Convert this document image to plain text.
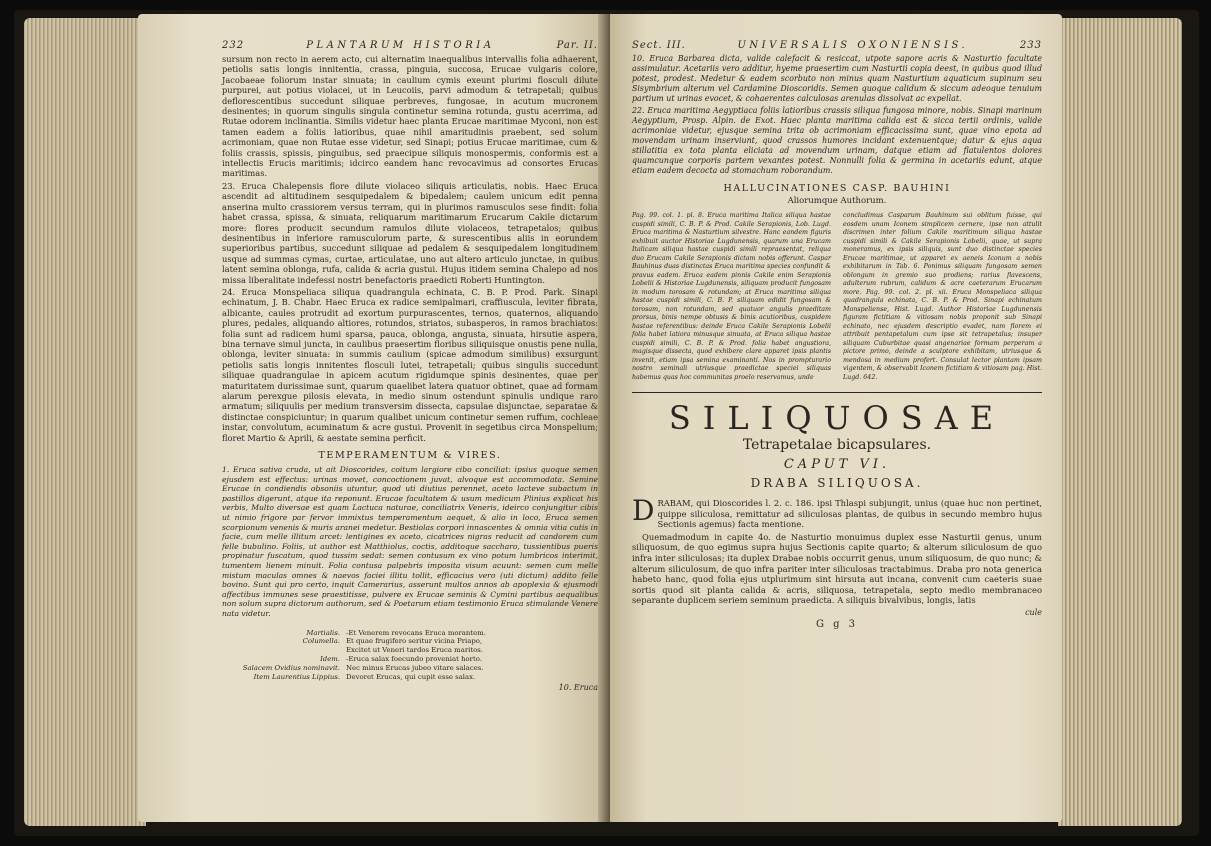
232	PLANTARUM HISTORIA	Par. II.

sursum non recto in aerem acto, cui alternatim inaequalibus intervallis folia adhaerent, petiolis satis longis innitentia, crassa, pinguia, succosa, Erucae vulgaris colore, Jacobaeae foliorum instar sinuata; in caulium cymis exeunt plurimi flosculi dilute purpurei, aut potius violacei, ut in Leucoiis, parvi admodum & tetrapetali; quibus deflorescentibus succedunt siliquae perbreves, fungosae, in acutum mucronem desinentes; in quorum singulis singula continetur semina rotunda, gustu acerrima, ad Rutae odorem inclinantia. Similis videtur haec planta Erucae maritimae Myconi, non est tamen eadem a foliis latioribus, quae nihil amaritudinis praebent, sed solum acrimoniam, quae non Rutae esse videtur, sed Sinapi; potius Erucae maritimae, cum & foliis crassis, spissis, pinguibus, sed praecipue siliquis monospermis, conformis est a intellectis Erucis maritimis; idcirco eandem hanc revocavimus ad consortes Erucas maritimas.

23. Eruca Chalepensis flore dilute violaceo siliquis articulatis, nobis. Haec Eruca ascendit ad altitudinem sesquipedalem & bipedalem; caulem unicum edit penna anserina multo crassiorem versus terram, qui in plurimos ramusculos sese findit: folia habet crassa, spissa, & sinuata, reliquarum maritimarum Erucarum Cakile dictarum more: flores producit secundum ramulos dilute violaceos, tetrapetalos; quibus desinentibus in inferiore ramusculorum parte, & surescentibus aliis in eorundem superioribus partibus, succedunt siliquae ad pedalem & sesquipedalem longitudinem usque ad summas cymas, curtae, articulatae, uno aut altero articulo junctae, in quibus latent semina oblonga, rufa, calida & acria gustui. Hujus itidem semina Chalepo ad nos missa liberalitate indefessi nostri benefactoris praedicti Roberti Huntington.

24. Eruca Monspeliaca siliqua quadrangula echinata, C. B. P. Prod. Park. Sinapi echinatum, J. B. Chabr. Haec Eruca ex radice semipalmari, craffiuscula, leviter fibrata, albicante, caules protrudit ad exortum purpurascentes, ternos, quaternos, aliquando plures, pedales, aliquando altiores, rotundos, striatos, subasperos, in ramos brachiatos: folia sunt ad radicem humi sparsa, pauca, oblonga, angusta, sinuata, hirsutie aspera, bina ternave simul juncta, in caulibus praesertim floribus siliquisque onustis pene nulla, oblonga, leviter sinuata: in summis caulium (spicae admodum similibus) exsurgunt petiolis satis longis innitentes flosculi lutei, tetrapetali; quibus singulis succedunt siliquae quadrangulae in apicem acutum rigidumque spinis desinentes, quae per maturitatem durissimae sunt, quarum quaelibet latera quatuor obtinet, quae ad formam alarum perexgue pilosis elevata, in medio sinum ostendunt spinulis undique raro armatum; siliquulis per medium transversim dissecta, capsulae disjunctae, separatae & distinctae conspiciuntur; in quarum qualibet unicum continetur semen ruffum, cochleae instar, convolutum, acuminatum & acre gustui. Provenit in segetibus circa Monspelium; floret Martio & Aprili, & aestate semina perficit.

TEMPERAMENTUM & VIRES.

1. Eruca sativa cruda, ut ait Dioscorides, coitum largiore cibo conciliat: ipsius quoque semen ejusdem est effectus: urinas movet, concoctionem juvat, alvoque est accommodata. Semine Erucae in condiendis obsoniis utuntur, quod uti diutius perennet, aceto lacteve subactum in pastillos digerunt, atque ita reponunt. Erucae facultatem & usum medicum Plinius explicat his verbis, Multo diversae est quam Lactuca naturae, conciliatrix Veneris, ideirco conjungitur cibis ut nimio frigore par fervor immixtus temperamentum aequet, & alio in loco, Eruca semen scorpionum venenis & muris aranei medetur. Bestiolas corpori innascentes & omnia vitia cutis in facie, cum melle illitum arcet: lentigines ex aceto, cicatrices nigras reducit ad candorem cum felle bubulino. Foliis, ut author est Matthiolus, coctis, additoque saccharo, tussientibus pueris propinatur fuscatum, quod tussim sedat: semen contusum ex vino potum lumbricos interimit, tumentem lienem minuit. Folia contusa palpebris imposita visum acuunt: semen cum melle mistum maculas omnes & naevos faciei illitu tollit, efficacius vero (uti dictum) addito felle bovino. Sunt qui pro certo, inquit Camerarius, asserunt multos annos ab apoplexia & ejusmodi affectibus immunes sese praestitisse, pulvere ex Erucae seminis & Cymini partibus aequalibus non solum supra dictorum authorum, sed & Poetarum etiam testimonio Eruca stimulande Venere nata videtur.

Martialis. -Et Venerem revocans Eruca morantem.
Columella. Et quae frugifero seritur vicina Priapo,
Excitet ut Veneri tardos Eruca maritos.
Idem. -Eruca salax foecundo proveniat horto.
Salacem Ovidius nominavit. Nec minus Erucas jubeo vitare salaces.
Item Laurentius Lippius. Devoret Erucas, qui cupit esse salax.
10. Eruca
Sect. III.	UNIVERSALIS OXONIENSIS.	233

10. Eruca Barbarea dicta, valide calefacit & resiccat, utpote sapore acris & Nasturtio facultate assimulatur. Acetariis vero additur, hyeme praesertim cum Nasturtii copia deest, in quibus quod illud potest, prodest. Medetur & eadem scorbuto non minus quam Nasturtium aquaticum supinum seu Sisymbrium alterum vel Cardamine Dioscoridis. Semen quoque calidum & siccum adeoque tenuium partium ut urinas evocet, & cohaerentes calculosas arenulas dissolvat ac expellat.

22. Eruca maritima Aegyptiaca foliis latioribus crassis siliqua fungosa minore, nobis. Sinapi marinum Aegyptium, Prosp. Alpin. de Exot. Haec planta maritima calida est & sicca tertii ordinis, valide acrimoniae videtur, ejusque semina trita ob acrimoniam efficacissima sunt, quae vino epota ad movendam urinam inserviunt, quod crassos humores incidant extenuentque; datur & ejus aqua stillatitia ex tota planta eliciata ad movendum urinam, datque etiam ad flatulentos dolores quamcunque corporis partem vexantes potest. Nonnulli folia & germina in acetariis edunt, atque etiam eadem decocta ad stomachum roborandum.

HALLUCINATIONES CASP. BAUHINI
Aliorumque Authorum.

Pag. 99. col. 1. pl. 8. Eruca maritima Italica siliqua hastae cuspidi simili, C. B. P. & Prod. Cakile Serapionis, Lob. Lugd. Eruca maritima & Nasturtium silvestre. Hanc eandem figuris exhibuit auctor Historiae Lugdunensis, quarum una Erucam Italicam siliqua hastae cuspidi simili repraesentat, reliqua duo Erucam Cakile Serapionis dictam nobis offerunt. Caspar Bauhinus duas distinctas Eruca maritima species confundit & pravus eadem. Eruca eadem pinnis Cakile enim Serapionis Lobelii & Historiae Lugdunensis, siliquam producit fungosam in modum torosam & rotundam; at Eruca maritima siliqua hastae cuspidi simili, C. B. P. siliquam edidit fungosam & torosam, non rotundam, sed quatuor angulis praeditam prorsus, binis nempe obtusis & binis acutioribus, cuspidem hastae referentibus: deinde Eruca Cakile Serapionis Lobelii folia habet latiora minusque sinuata, at Eruca siliqua hastae cuspidi simili, C. B. P. & Prod. folia habet angustiora, magisque dissecta, quod exhibere clare apparet ipsis plantis invenit, etiam ipsa semina examinanti. Nos in prompturario nostro seminali utriusque praedictae speciei siliquas habemus quas hoc communitas proelo reservamus, unde

concludimus Casparum Bauhinum sui oblitum fuisse, qui eosdem unam Iconem simplicem cernere, ipse non attulit discrimen inter folium Cakile maritimum siliqua hastae cuspidi simili & Cakile Serapionis Lobelii, quae, ut supra moneramus, ex ipsis siliquis, sunt duo distinctae species Erucae maritimae, ut apparet ex aeneis Iconum a nobis exhibitarum in Tab. 6. Ponimus siliquam fungosam semen oblongum in gremio suo prodiens; rarius flavescens, adulterum rubrum, calidum & acre caeterarum Erucarum more. Pag. 99. col. 2. pl. xii. Eruca Monspeliaca siliqua quadrangula echinata, C. B. P. & Prod. Sinapi echinatum Monspeliense, Hist. Lugd. Author Historiae Lugdunensis figuram fictitiam & vitiosam nobis proponit sub Sinapi echinato, nec ejusdem descriptio evadet, nam florem ei attribuit pentapetalum cum ipse sit tetrapetalus; insuper siliquam Cuburbitae quasi angenariae formam perperam a pictore primo, deinde a sculptore exhibitam, utriusque & mendosa in medium profert. Consulat lector plantam ipsam vigentem, & observabit Iconem fictitiam & vitiosam pag. Hist. Lugd. 642.

SILIQUOSAE
Tetrapetalae bicapsulares.
CAPUT VI.
DRABA SILIQUOSA.

DRABAM, qui Dioscorides l. 2. c. 186. ipsi Thlaspi subjungit, unius (quae huc non pertinet, quippe siliculosa, remittatur ad siliculosas plantas, de quibus in secundo membro hujus Sectionis agemus) facta mentione.

Quemadmodum in capite 4o. de Nasturtio monuimus duplex esse Nasturtii genus, unum siliquosum, de quo egimus supra hujus Sectionis capite quarto; & alterum siliculosum de quo infra inter siliculosas; ita duplex Drabae nobis occurrit genus, unum siliquosum, de quo nunc; & alterum siliculosum, de quo infra pariter inter siliculosas tractabimus. Draba pro nota generica habeto hanc, quod folia ejus utplurimum sint hirsuta aut incana, convenit cum caeteris suae sortis quod sit planta calida & acris, siliquosa, tetrapetala, septo medio membranaceo separante duplicem seriem seminum praedicta. A siliquis bivalvibus, longis, latis

cule
G g 3
